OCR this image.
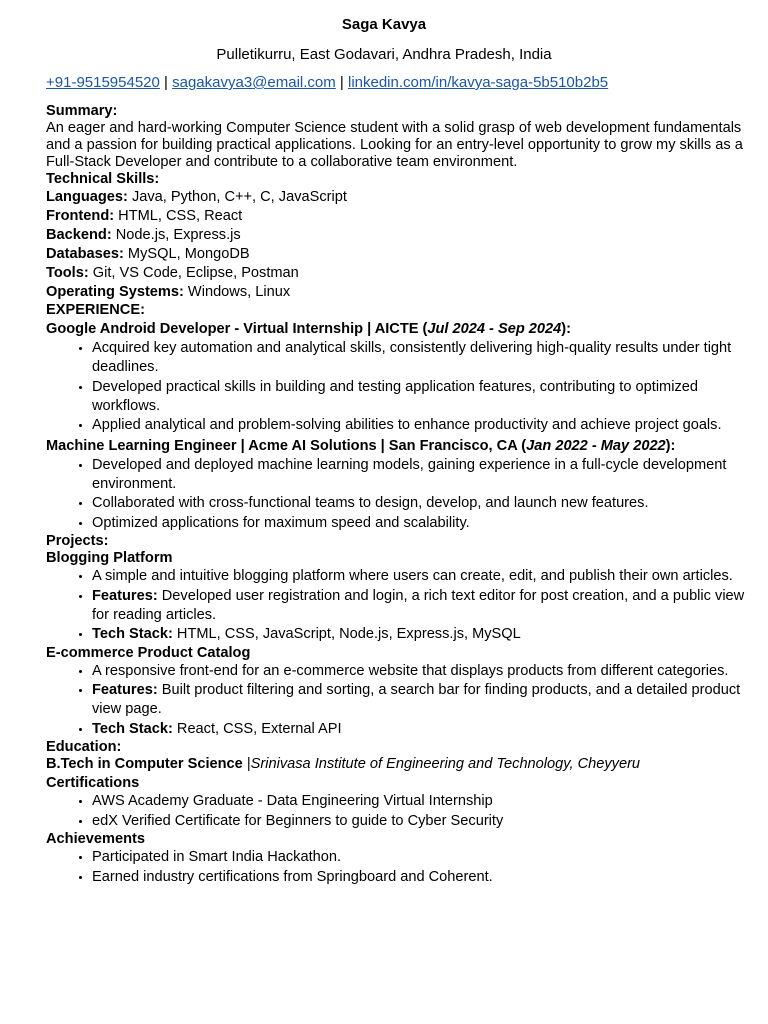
Saga Kavya
Pulletikurru, East Godavari, Andhra Pradesh, India
+91-9515954520 | sagakavya3@email.com | linkedin.com/in/kavya-saga-5b510b2b5
Summary:
An eager and hard-working Computer Science student with a solid grasp of web development fundamentals and a passion for building practical applications. Looking for an entry-level opportunity to grow my skills as a Full-Stack Developer and contribute to a collaborative team environment.
Technical Skills:
Languages: Java, Python, C++, C, JavaScript
Frontend: HTML, CSS, React
Backend: Node.js, Express.js
Databases: MySQL, MongoDB
Tools: Git, VS Code, Eclipse, Postman
Operating Systems: Windows, Linux
EXPERIENCE:
Google Android Developer - Virtual Internship | AICTE (Jul 2024 - Sep 2024):
• Acquired key automation and analytical skills, consistently delivering high-quality results under tight deadlines.
• Developed practical skills in building and testing application features, contributing to optimized workflows.
• Applied analytical and problem-solving abilities to enhance productivity and achieve project goals.
Machine Learning Engineer | Acme AI Solutions | San Francisco, CA (Jan 2022 - May 2022):
• Developed and deployed machine learning models, gaining experience in a full-cycle development environment.
• Collaborated with cross-functional teams to design, develop, and launch new features.
• Optimized applications for maximum speed and scalability.
Projects:
Blogging Platform
• A simple and intuitive blogging platform where users can create, edit, and publish their own articles.
• Features: Developed user registration and login, a rich text editor for post creation, and a public view for reading articles.
• Tech Stack: HTML, CSS, JavaScript, Node.js, Express.js, MySQL
E-commerce Product Catalog
• A responsive front-end for an e-commerce website that displays products from different categories.
• Features: Built product filtering and sorting, a search bar for finding products, and a detailed product view page.
• Tech Stack: React, CSS, External API
Education:
B.Tech in Computer Science |Srinivasa Institute of Engineering and Technology, Cheyyeru
Certifications
• AWS Academy Graduate - Data Engineering Virtual Internship
• edX Verified Certificate for Beginners to guide to Cyber Security
Achievements
• Participated in Smart India Hackathon.
• Earned industry certifications from Springboard and Coherent.
